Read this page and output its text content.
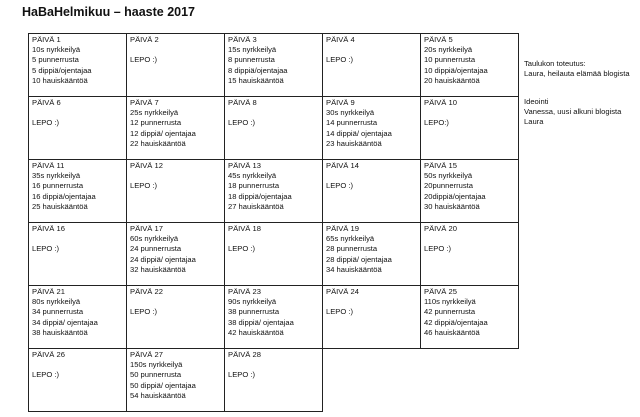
HaBaHelmikuu – haaste 2017
PÄIVÄ 1
10s nyrkkeilyä
5 punnerrusta
5 dippiä/ojentajaa
10 hauiskääntöä	PÄIVÄ 2

LEPO :)	PÄIVÄ 3
15s nyrkkeilyä
8 punnerrusta
8 dippiä/ojentajaa
15 hauiskääntöä	PÄIVÄ 4

LEPO :)	PÄIVÄ 5
20s nyrkkeilyä
10 punnerrusta
10 dippiä/ojentajaa
20 hauiskääntöä

PÄIVÄ 6

LEPO :)	PÄIVÄ 7
25s nyrkkeilyä
12 punnerrusta
12 dippiä/ ojentajaa
22 hauiskääntöä	PÄIVÄ 8

LEPO :)	PÄIVÄ 9
30s nyrkkeilyä
14 punnerrusta
14 dippiä/ ojentajaa
23 hauiskääntöä	PÄIVÄ 10

LEPO:)

PÄIVÄ 11
35s nyrkkeilyä
16 punnerrusta
16 dippiä/ojentajaa
25 hauiskääntöä	PÄIVÄ 12

LEPO :)	PÄIVÄ 13
45s nyrkkeilyä
18 punnerrusta
18 dippiä/ojentajaa
27 hauiskääntöä	PÄIVÄ 14

LEPO :)	PÄIVÄ 15
50s nyrkkeilyä
20punnerrusta
20dippiä/ojentajaa
30 hauiskääntöä

PÄIVÄ 16

LEPO :)	PÄIVÄ 17
60s nyrkkeilyä
24 punnerrusta
24 dippiä/ ojentajaa
32 hauiskääntöä	PÄIVÄ 18

LEPO :)	PÄIVÄ 19
65s nyrkkeilyä
28 punnerrusta
28 dippiä/ ojentajaa
34 hauiskääntöä	PÄIVÄ 20

LEPO :)

PÄIVÄ 21
80s nyrkkeilyä
34 punnerrusta
34 dippiä/ ojentajaa
38 hauiskääntöä	PÄIVÄ 22

LEPO :)	PÄIVÄ 23
90s nyrkkeilyä
38 punnerrusta
38 dippiä/ ojentajaa
42 hauiskääntöä	PÄIVÄ 24

LEPO :)	PÄIVÄ 25
110s nyrkkeilyä
42 punnerrusta
42 dippiä/ojentajaa
46 hauiskääntöä

PÄIVÄ 26

LEPO :)	PÄIVÄ 27
150s nyrkkeilyä
50 punnerrusta
50 dippiä/ ojentajaa
54 hauiskääntöä	PÄIVÄ 28

LEPO :)		

Taulukon toteutus:
Laura, heilauta elämää blogista
Ideointi
Vanessa, uusi alkuni blogista
Laura
